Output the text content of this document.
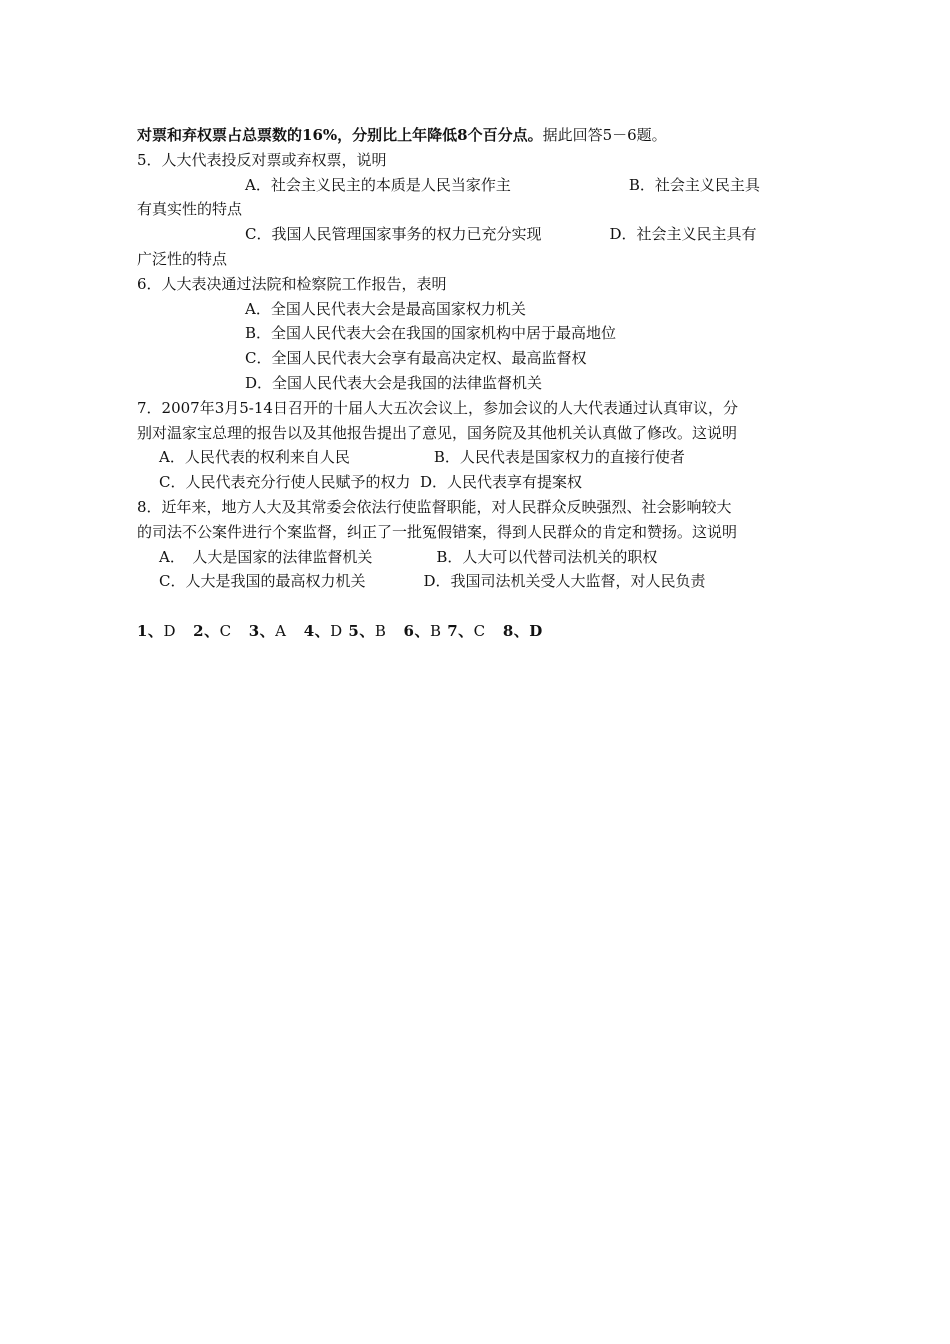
对票和弃权票占总票数的16%，分别比上年降低8个百分点。据此回答5－6题。
5．人大代表投反对票或弃权票，说明
A．社会主义民主的本质是人民当家作主	B．社会主义民主具
有真实性的特点
C．我国人民管理国家事务的权力已充分实现	D．社会主义民主具有
广泛性的特点
6．人大表决通过法院和检察院工作报告，表明
A．全国人民代表大会是最高国家权力机关
B．全国人民代表大会在我国的国家机构中居于最高地位
C．全国人民代表大会享有最高决定权、最高监督权
D．全国人民代表大会是我国的法律监督机关
7．2007年3月5-14日召开的十届人大五次会议上，参加会议的人大代表通过认真审议，分
别对温家宝总理的报告以及其他报告提出了意见，国务院及其他机关认真做了修改。这说明
A．人民代表的权利来自人民	B．人民代表是国家权力的直接行使者
C．人民代表充分行使人民赋予的权力 D．人民代表享有提案权
8．近年来，地方人大及其常委会依法行使监督职能，对人民群众反映强烈、社会影响较大
的司法不公案件进行个案监督，纠正了一批冤假错案，得到人民群众的肯定和赞扬。这说明
A．　人大是国家的法律监督机关	B．人大可以代替司法机关的职权
C．人大是我国的最高权力机关	D．我国司法机关受人大监督，对人民负责
1、D 2、C 3、A 4、D 5、B 6、B 7、C 8、D
